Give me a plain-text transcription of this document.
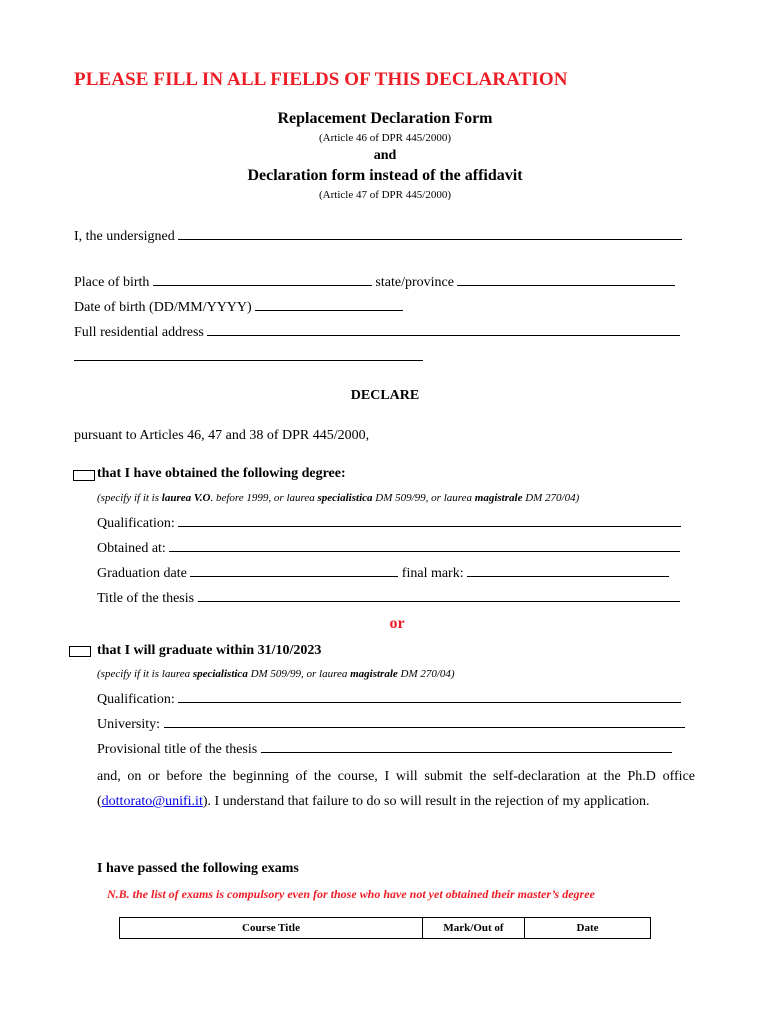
PLEASE FILL IN ALL FIELDS OF THIS DECLARATION
Replacement Declaration Form
(Article 46 of DPR 445/2000)
and
Declaration form instead of the affidavit
(Article 47 of DPR 445/2000)
I, the undersigned
Place of birth	state/province
Date of birth (DD/MM/YYYY)
Full residential address
DECLARE
pursuant to Articles 46, 47 and 38 of DPR 445/2000,
that I have obtained the following degree:
(specify if it is laurea V.O. before 1999, or laurea specialistica DM 509/99, or laurea magistrale DM 270/04)
Qualification:
Obtained at:
Graduation date	final mark:
Title of the thesis
or
that I will graduate within 31/10/2023
(specify if it is laurea specialistica DM 509/99, or laurea magistrale DM 270/04)
Qualification:
University:
Provisional title of the thesis
and, on or before the beginning of the course, I will submit the self-declaration at the Ph.D office (dottorato@unifi.it). I understand that failure to do so will result in the rejection of my application.
I have passed the following exams
N.B. the list of exams is compulsory even for those who have not yet obtained their master’s degree
Course Title	Mark/Out of	Date
